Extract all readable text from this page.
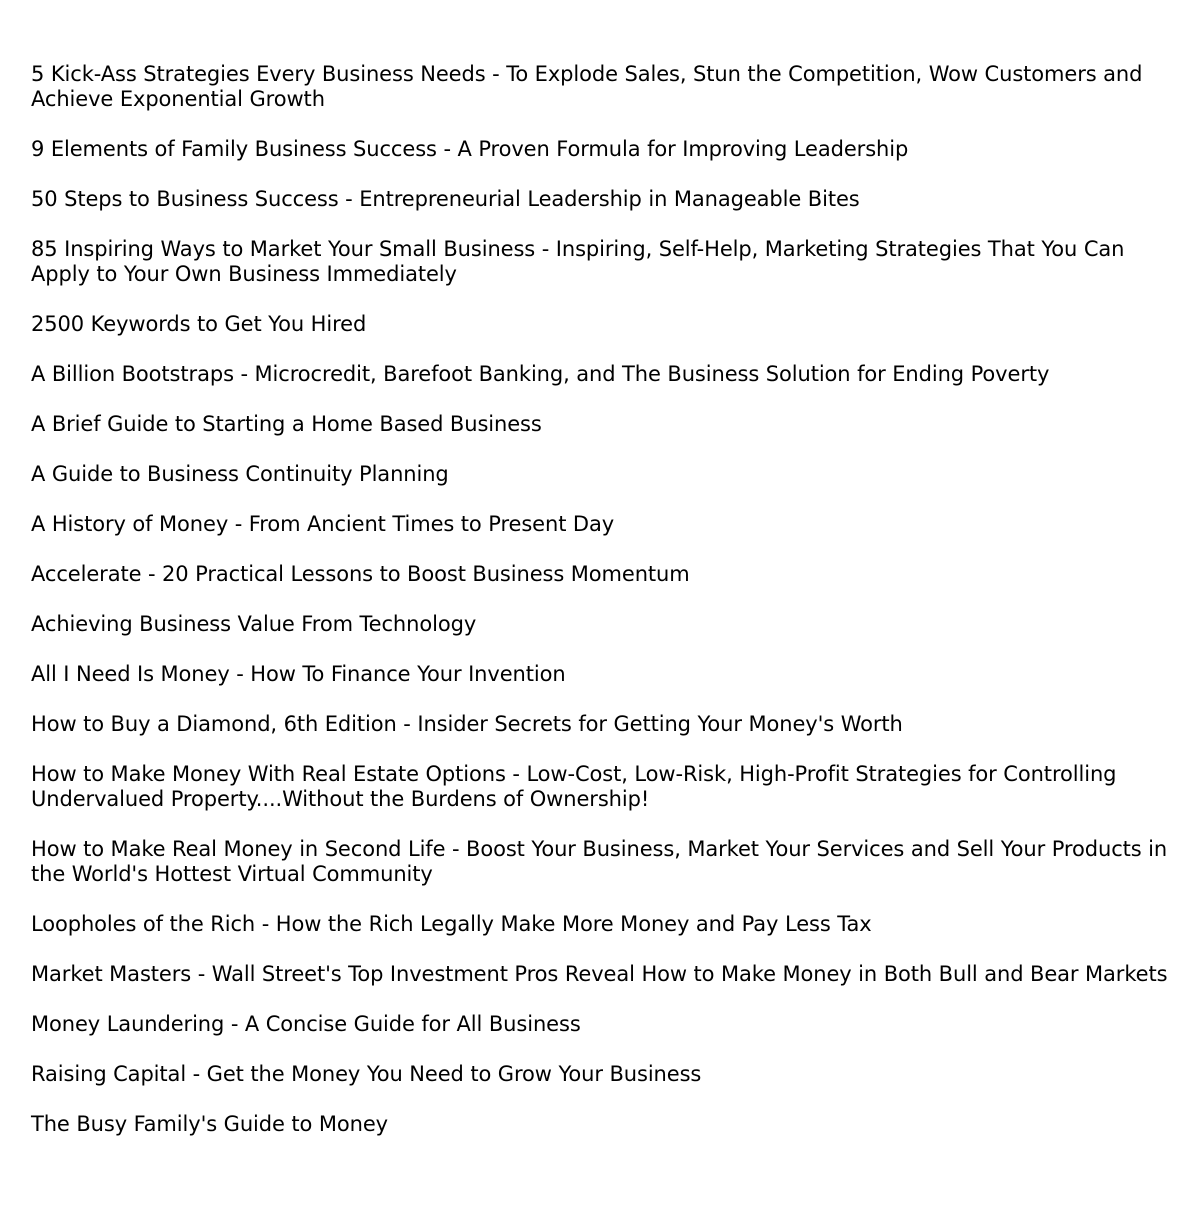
5 Kick-Ass Strategies Every Business Needs - To Explode Sales, Stun the Competition, Wow Customers and Achieve Exponential Growth
9 Elements of Family Business Success - A Proven Formula for Improving Leadership
50 Steps to Business Success - Entrepreneurial Leadership in Manageable Bites
85 Inspiring Ways to Market Your Small Business - Inspiring, Self-Help, Marketing Strategies That You Can Apply to Your Own Business Immediately
2500 Keywords to Get You Hired
A Billion Bootstraps - Microcredit, Barefoot Banking, and The Business Solution for Ending Poverty
A Brief Guide to Starting a Home Based Business
A Guide to Business Continuity Planning
A History of Money - From Ancient Times to Present Day
Accelerate - 20 Practical Lessons to Boost Business Momentum
Achieving Business Value From Technology
All I Need Is Money - How To Finance Your Invention
How to Buy a Diamond, 6th Edition - Insider Secrets for Getting Your Money's Worth
How to Make Money With Real Estate Options - Low-Cost, Low-Risk, High-Profit Strategies for Controlling Undervalued Property....Without the Burdens of Ownership!
How to Make Real Money in Second Life - Boost Your Business, Market Your Services and Sell Your Products in the World's Hottest Virtual Community
Loopholes of the Rich - How the Rich Legally Make More Money and Pay Less Tax
Market Masters - Wall Street's Top Investment Pros Reveal How to Make Money in Both Bull and Bear Markets
Money Laundering - A Concise Guide for All Business
Raising Capital - Get the Money You Need to Grow Your Business
The Busy Family's Guide to Money
